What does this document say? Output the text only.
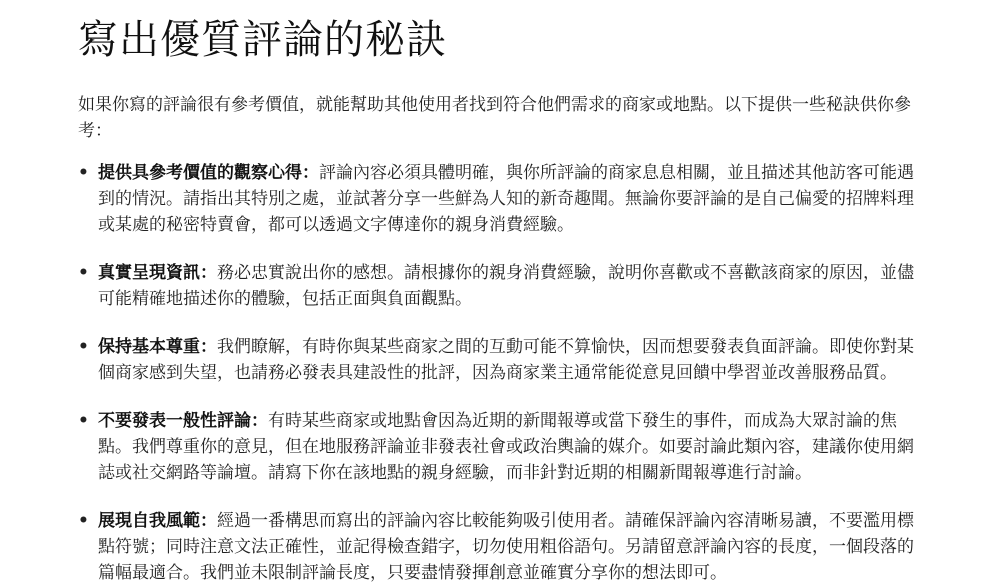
寫出優質評論的秘訣

如果你寫的評論很有參考價值，就能幫助其他使用者找到符合他們需求的商家或地點。以下提供一些秘訣供你參考：

• 提供具參考價值的觀察心得：評論內容必須具體明確，與你所評論的商家息息相關，並且描述其他訪客可能遇到的情況。請指出其特別之處，並試著分享一些鮮為人知的新奇趣聞。無論你要評論的是自己偏愛的招牌料理或某處的秘密特賣會，都可以透過文字傳達你的親身消費經驗。
• 真實呈現資訊：務必忠實說出你的感想。請根據你的親身消費經驗，說明你喜歡或不喜歡該商家的原因，並儘可能精確地描述你的體驗，包括正面與負面觀點。
• 保持基本尊重：我們瞭解，有時你與某些商家之間的互動可能不算愉快，因而想要發表負面評論。即使你對某個商家感到失望，也請務必發表具建設性的批評，因為商家業主通常能從意見回饋中學習並改善服務品質。
• 不要發表一般性評論：有時某些商家或地點會因為近期的新聞報導或當下發生的事件，而成為大眾討論的焦點。我們尊重你的意見，但在地服務評論並非發表社會或政治輿論的媒介。如要討論此類內容，建議你使用網誌或社交網路等論壇。請寫下你在該地點的親身經驗，而非針對近期的相關新聞報導進行討論。
• 展現自我風範：經過一番構思而寫出的評論內容比較能夠吸引使用者。請確保評論內容清晰易讀，不要濫用標點符號；同時注意文法正確性，並記得檢查錯字，切勿使用粗俗語句。另請留意評論內容的長度，一個段落的篇幅最適合。我們並未限制評論長度，只要盡情發揮創意並確實分享你的想法即可。
